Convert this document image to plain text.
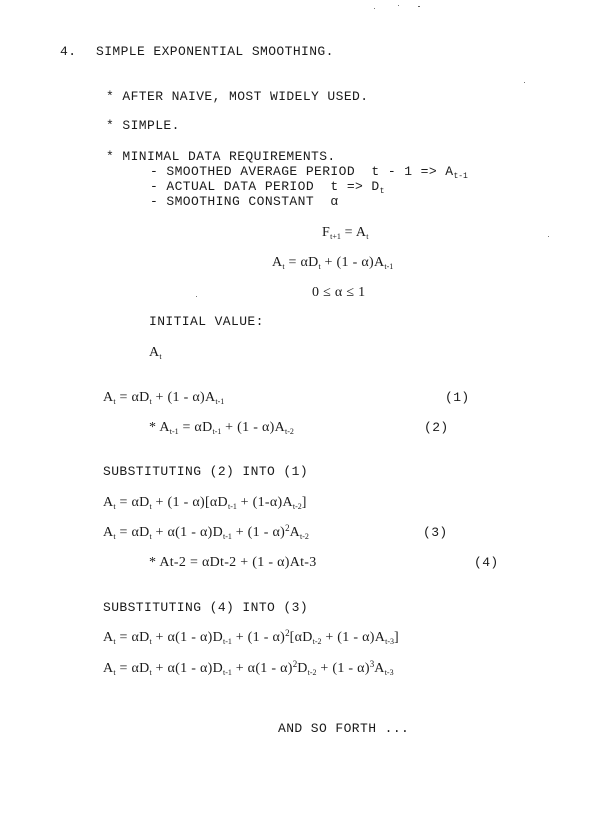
4. SIMPLE EXPONENTIAL SMOOTHING.
* AFTER NAIVE, MOST WIDELY USED.
* SIMPLE.
* MINIMAL DATA REQUIREMENTS.
- SMOOTHED AVERAGE PERIOD  $t - 1 => A_{t-1}$
- ACTUAL DATA PERIOD  $t => D_t$
- SMOOTHING CONSTANT  α
$F_{t+1} = A_t$
$A_t = \alpha D_t + (1 - \alpha)A_{t-1}$
0 ≤ α ≤ 1
INITIAL VALUE:
$A_t$
$A_t = \alpha D_t + (1 - \alpha)A_{t-1}$	(1)
* $A_{t-1} = \alpha D_{t-1} + (1 - \alpha)A_{t-2}$	(2)
SUBSTITUTING (2) INTO (1)
$A_t = \alpha D_t + (1 - \alpha)[\alpha D_{t-1} + (1-\alpha)A_{t-2}]$
$A_t = \alpha D_t + \alpha(1 - \alpha)D_{t-1} + (1 - \alpha)^2A_{t-2}$	(3)
* At-2 = αDt-2 + (1 - α)At-3	(4)
SUBSTITUTING (4) INTO (3)
$A_t = \alpha D_t + \alpha(1 - \alpha)D_{t-1} + (1 - \alpha)^2[\alpha D_{t-2} + (1 - \alpha)A_{t-3}]$
$A_t = \alpha D_t + \alpha(1 - \alpha)D_{t-1} + \alpha(1 - \alpha)^2D_{t-2} + (1 - \alpha)^3A_{t-3}$
AND SO FORTH ...
